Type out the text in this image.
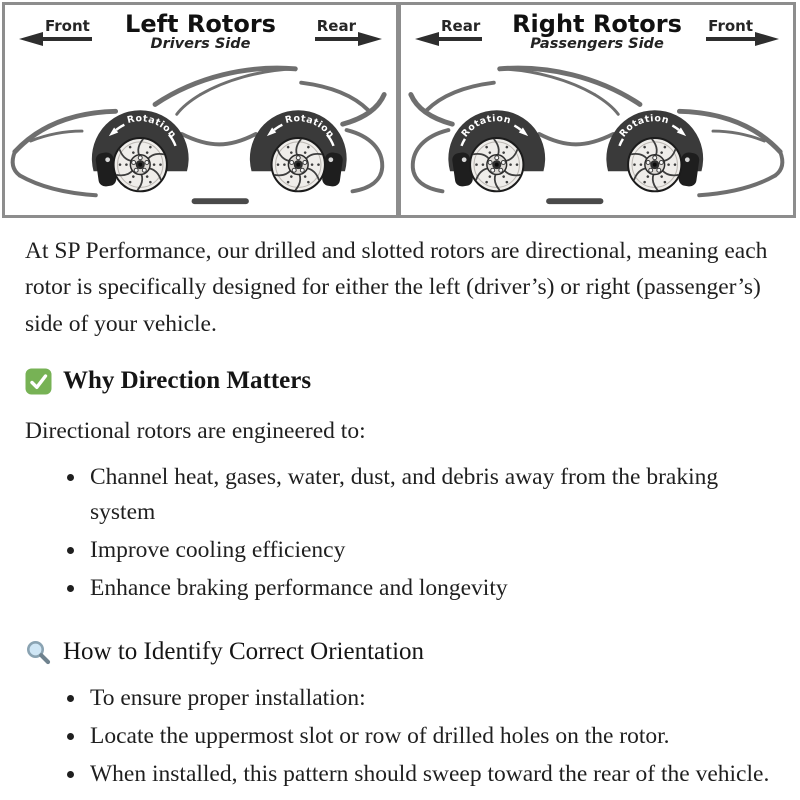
Front	Left Rotors
Drivers Side
Rear	Rear	Right Rotors
Passengers Side
Front

At SP Performance, our drilled and slotted rotors are directional, meaning each rotor is specifically designed for either the left (driver’s) or right (passenger’s) side of your vehicle.

Why Direction Matters

Directional rotors are engineered to:

• Channel heat, gases, water, dust, and debris away from the braking system
• Improve cooling efficiency
• Enhance braking performance and longevity
How to Identify Correct Orientation
• To ensure proper installation:
• Locate the uppermost slot or row of drilled holes on the rotor.
• When installed, this pattern should sweep toward the rear of the vehicle.
